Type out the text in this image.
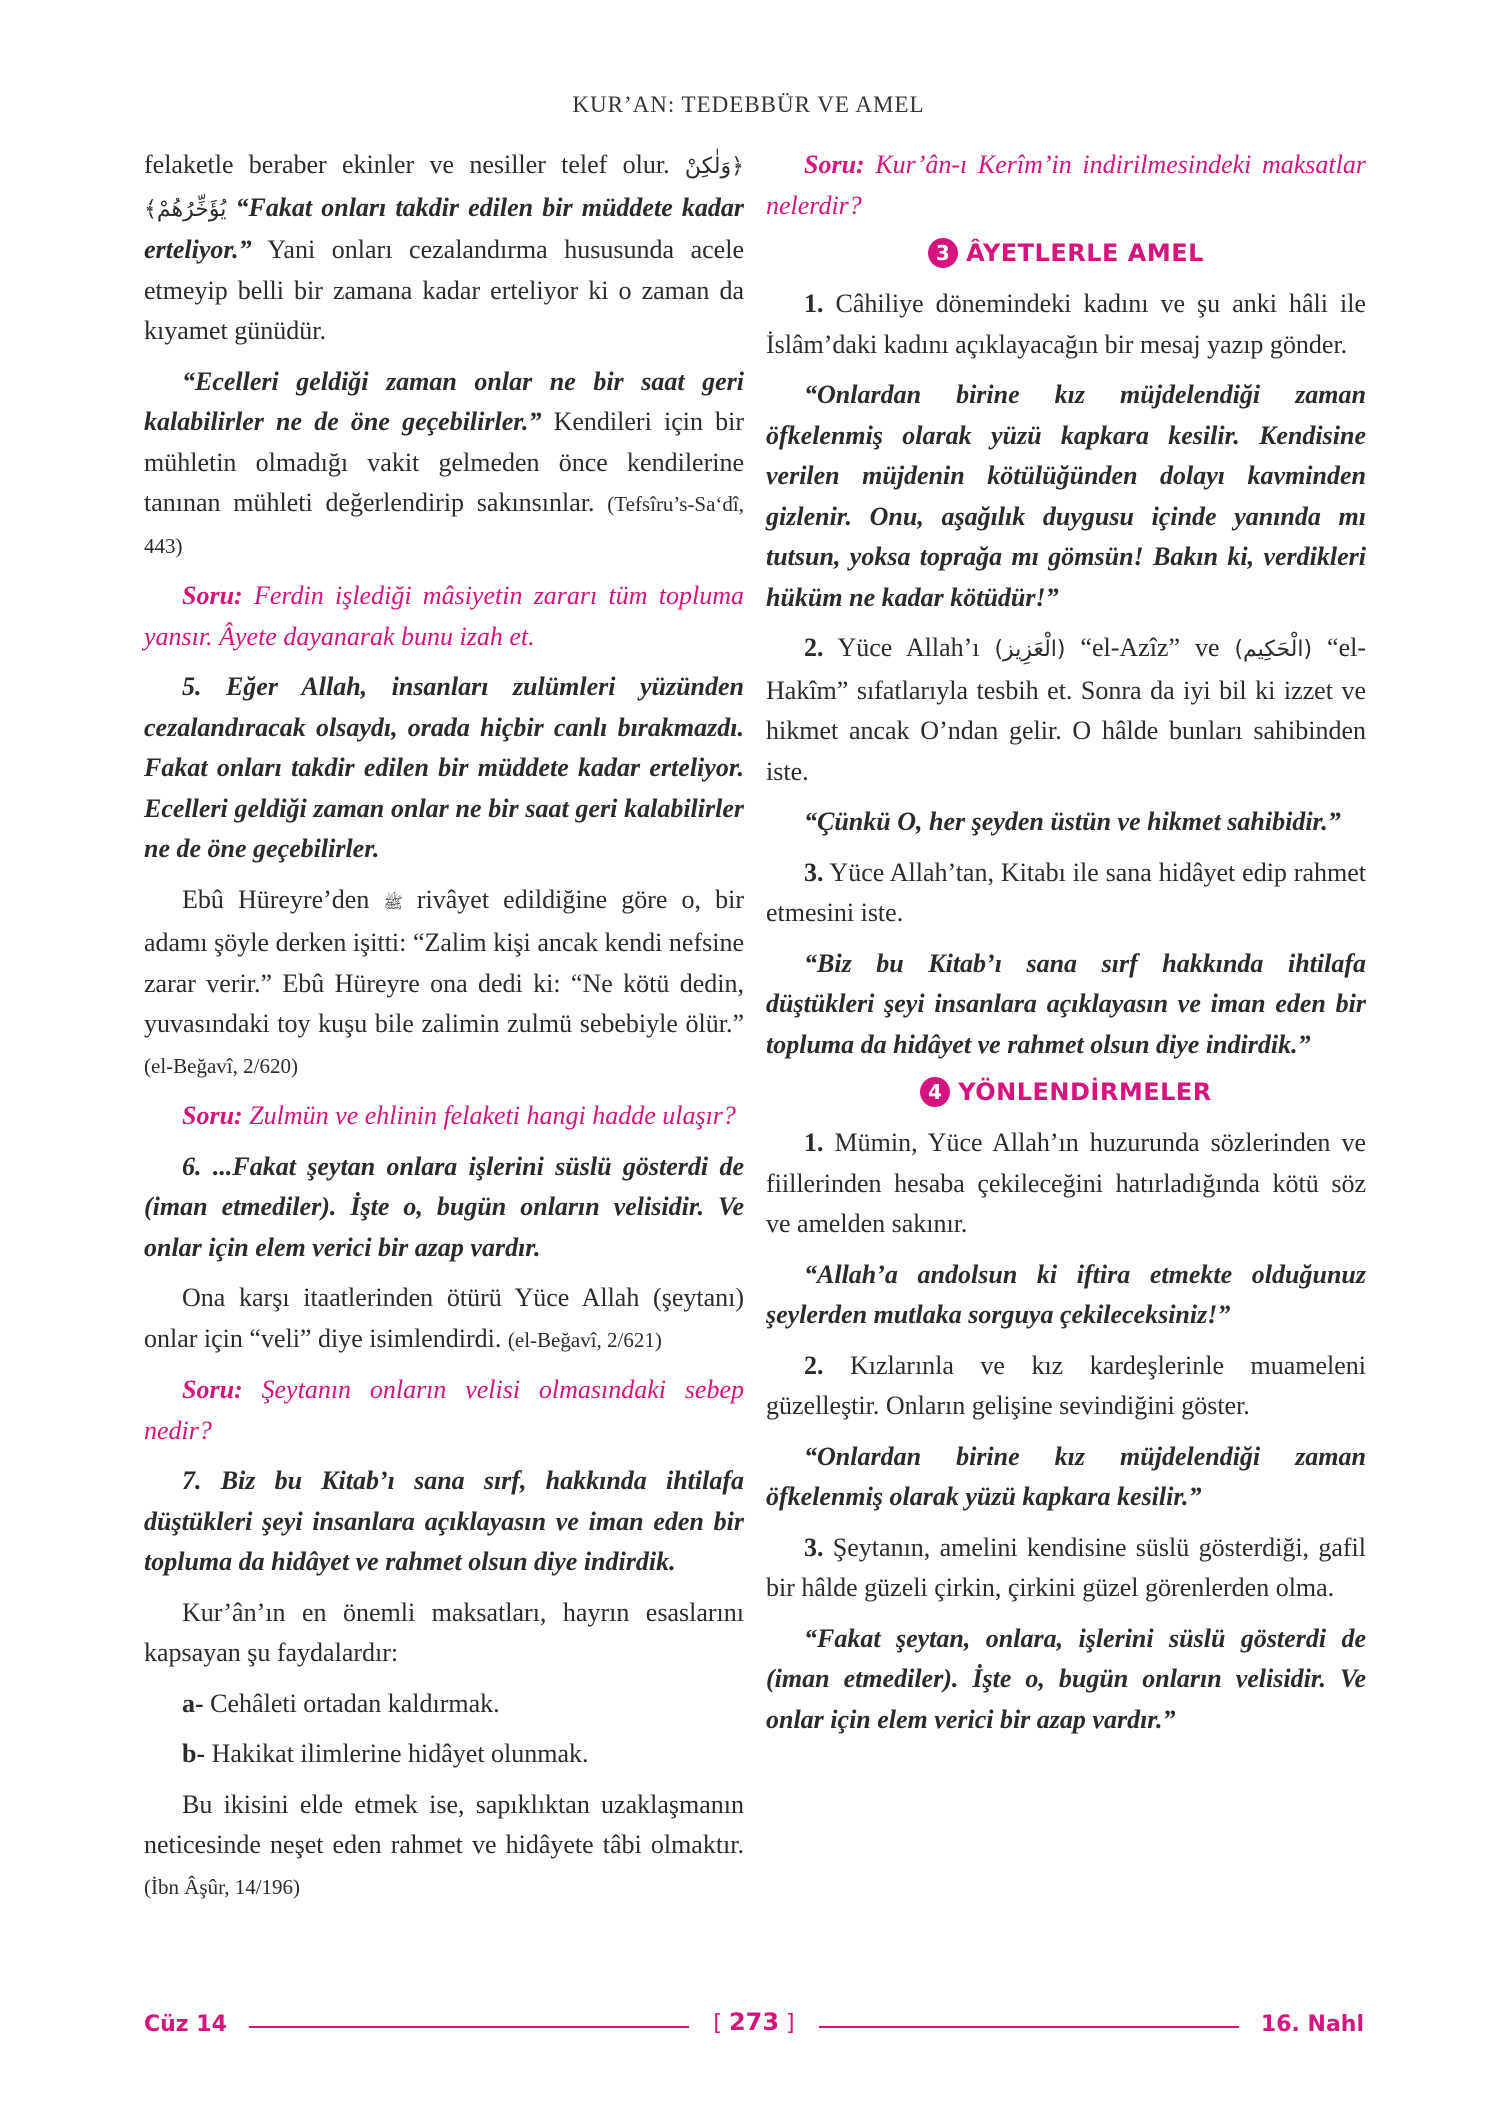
KUR’AN: TEDEBBÜR VE AMEL

felaketle beraber ekinler ve nesiller telef olur. ﴿وَلٰكِنْ يُؤَخِّرُهُمْ﴾ “Fakat onları takdir edilen bir müddete kadar erteliyor.” Yani onları cezalandırma hususunda acele etmeyip belli bir zamana kadar erteliyor ki o zaman da kıyamet günüdür.

“Ecelleri geldiği zaman onlar ne bir saat geri kalabilirler ne de öne geçebilirler.” Kendileri için bir mühletin olmadığı vakit gelmeden önce kendilerine tanınan mühleti değerlendirip sakınsınlar. (Tefsîru’s-Sa‘dî, 443)

Soru: Ferdin işlediği mâsiyetin zararı tüm topluma yansır. Âyete dayanarak bunu izah et.

5. Eğer Allah, insanları zulümleri yüzünden cezalandıracak olsaydı, orada hiçbir canlı bırakmazdı. Fakat onları takdir edilen bir müddete kadar erteliyor. Ecelleri geldiği zaman onlar ne bir saat geri kalabilirler ne de öne geçebilirler.

Ebû Hüreyre’den ﷺ rivâyet edildiğine göre o, bir adamı şöyle derken işitti: “Zalim kişi ancak kendi nefsine zarar verir.” Ebû Hüreyre ona dedi ki: “Ne kötü dedin, yuvasındaki toy kuşu bile zalimin zulmü sebebiyle ölür.” (el-Beğavî, 2/620)

Soru: Zulmün ve ehlinin felaketi hangi hadde ulaşır?

6. ...Fakat şeytan onlara işlerini süslü gösterdi de (iman etmediler). İşte o, bugün onların velisidir. Ve onlar için elem verici bir azap vardır.

Ona karşı itaatlerinden ötürü Yüce Allah (şeytanı) onlar için “veli” diye isimlendirdi. (el-Beğavî, 2/621)

Soru: Şeytanın onların velisi olmasındaki sebep nedir?

7. Biz bu Kitab’ı sana sırf, hakkında ihtilafa düştükleri şeyi insanlara açıklayasın ve iman eden bir topluma da hidâyet ve rahmet olsun diye indirdik.

Kur’ân’ın en önemli maksatları, hayrın esaslarını kapsayan şu faydalardır:

a- Cehâleti ortadan kaldırmak.

b- Hakikat ilimlerine hidâyet olunmak.

Bu ikisini elde etmek ise, sapıklıktan uzaklaşmanın neticesinde neşet eden rahmet ve hidâyete tâbi olmaktır. (İbn Âşûr, 14/196)

Soru: Kur’ân-ı Kerîm’in indirilmesindeki maksatlar nelerdir?

3 ÂYETLERLE AMEL

1. Câhiliye dönemindeki kadını ve şu anki hâli ile İslâm’daki kadını açıklayacağın bir mesaj yazıp gönder.

“Onlardan birine kız müjdelendiği zaman öfkelenmiş olarak yüzü kapkara kesilir. Kendisine verilen müjdenin kötülüğünden dolayı kavminden gizlenir. Onu, aşağılık duygusu içinde yanında mı tutsun, yoksa toprağa mı gömsün! Bakın ki, verdikleri hüküm ne kadar kötüdür!”

2. Yüce Allah’ı (الْعَزِيز) “el-Azîz” ve (الْحَكِيم) “el-Hakîm” sıfatlarıyla tesbih et. Sonra da iyi bil ki izzet ve hikmet ancak O’ndan gelir. O hâlde bunları sahibinden iste.

“Çünkü O, her şeyden üstün ve hikmet sahibidir.”

3. Yüce Allah’tan, Kitabı ile sana hidâyet edip rahmet etmesini iste.

“Biz bu Kitab’ı sana sırf hakkında ihtilafa düştükleri şeyi insanlara açıklayasın ve iman eden bir topluma da hidâyet ve rahmet olsun diye indirdik.”

4 YÖNLENDİRMELER

1. Mümin, Yüce Allah’ın huzurunda sözlerinden ve fiillerinden hesaba çekileceğini hatırladığında kötü söz ve amelden sakınır.

“Allah’a andolsun ki iftira etmekte olduğunuz şeylerden mutlaka sorguya çekileceksiniz!”

2. Kızlarınla ve kız kardeşlerinle muameleni güzelleştir. Onların gelişine sevindiğini göster.

“Onlardan birine kız müjdelendiği zaman öfkelenmiş olarak yüzü kapkara kesilir.”

3. Şeytanın, amelini kendisine süslü gösterdiği, gafil bir hâlde güzeli çirkin, çirkini güzel görenlerden olma.

“Fakat şeytan, onlara, işlerini süslü gösterdi de (iman etmediler). İşte o, bugün onların velisidir. Ve onlar için elem verici bir azap vardır.”

Cüz 14	[ 273 ]	16. Nahl
